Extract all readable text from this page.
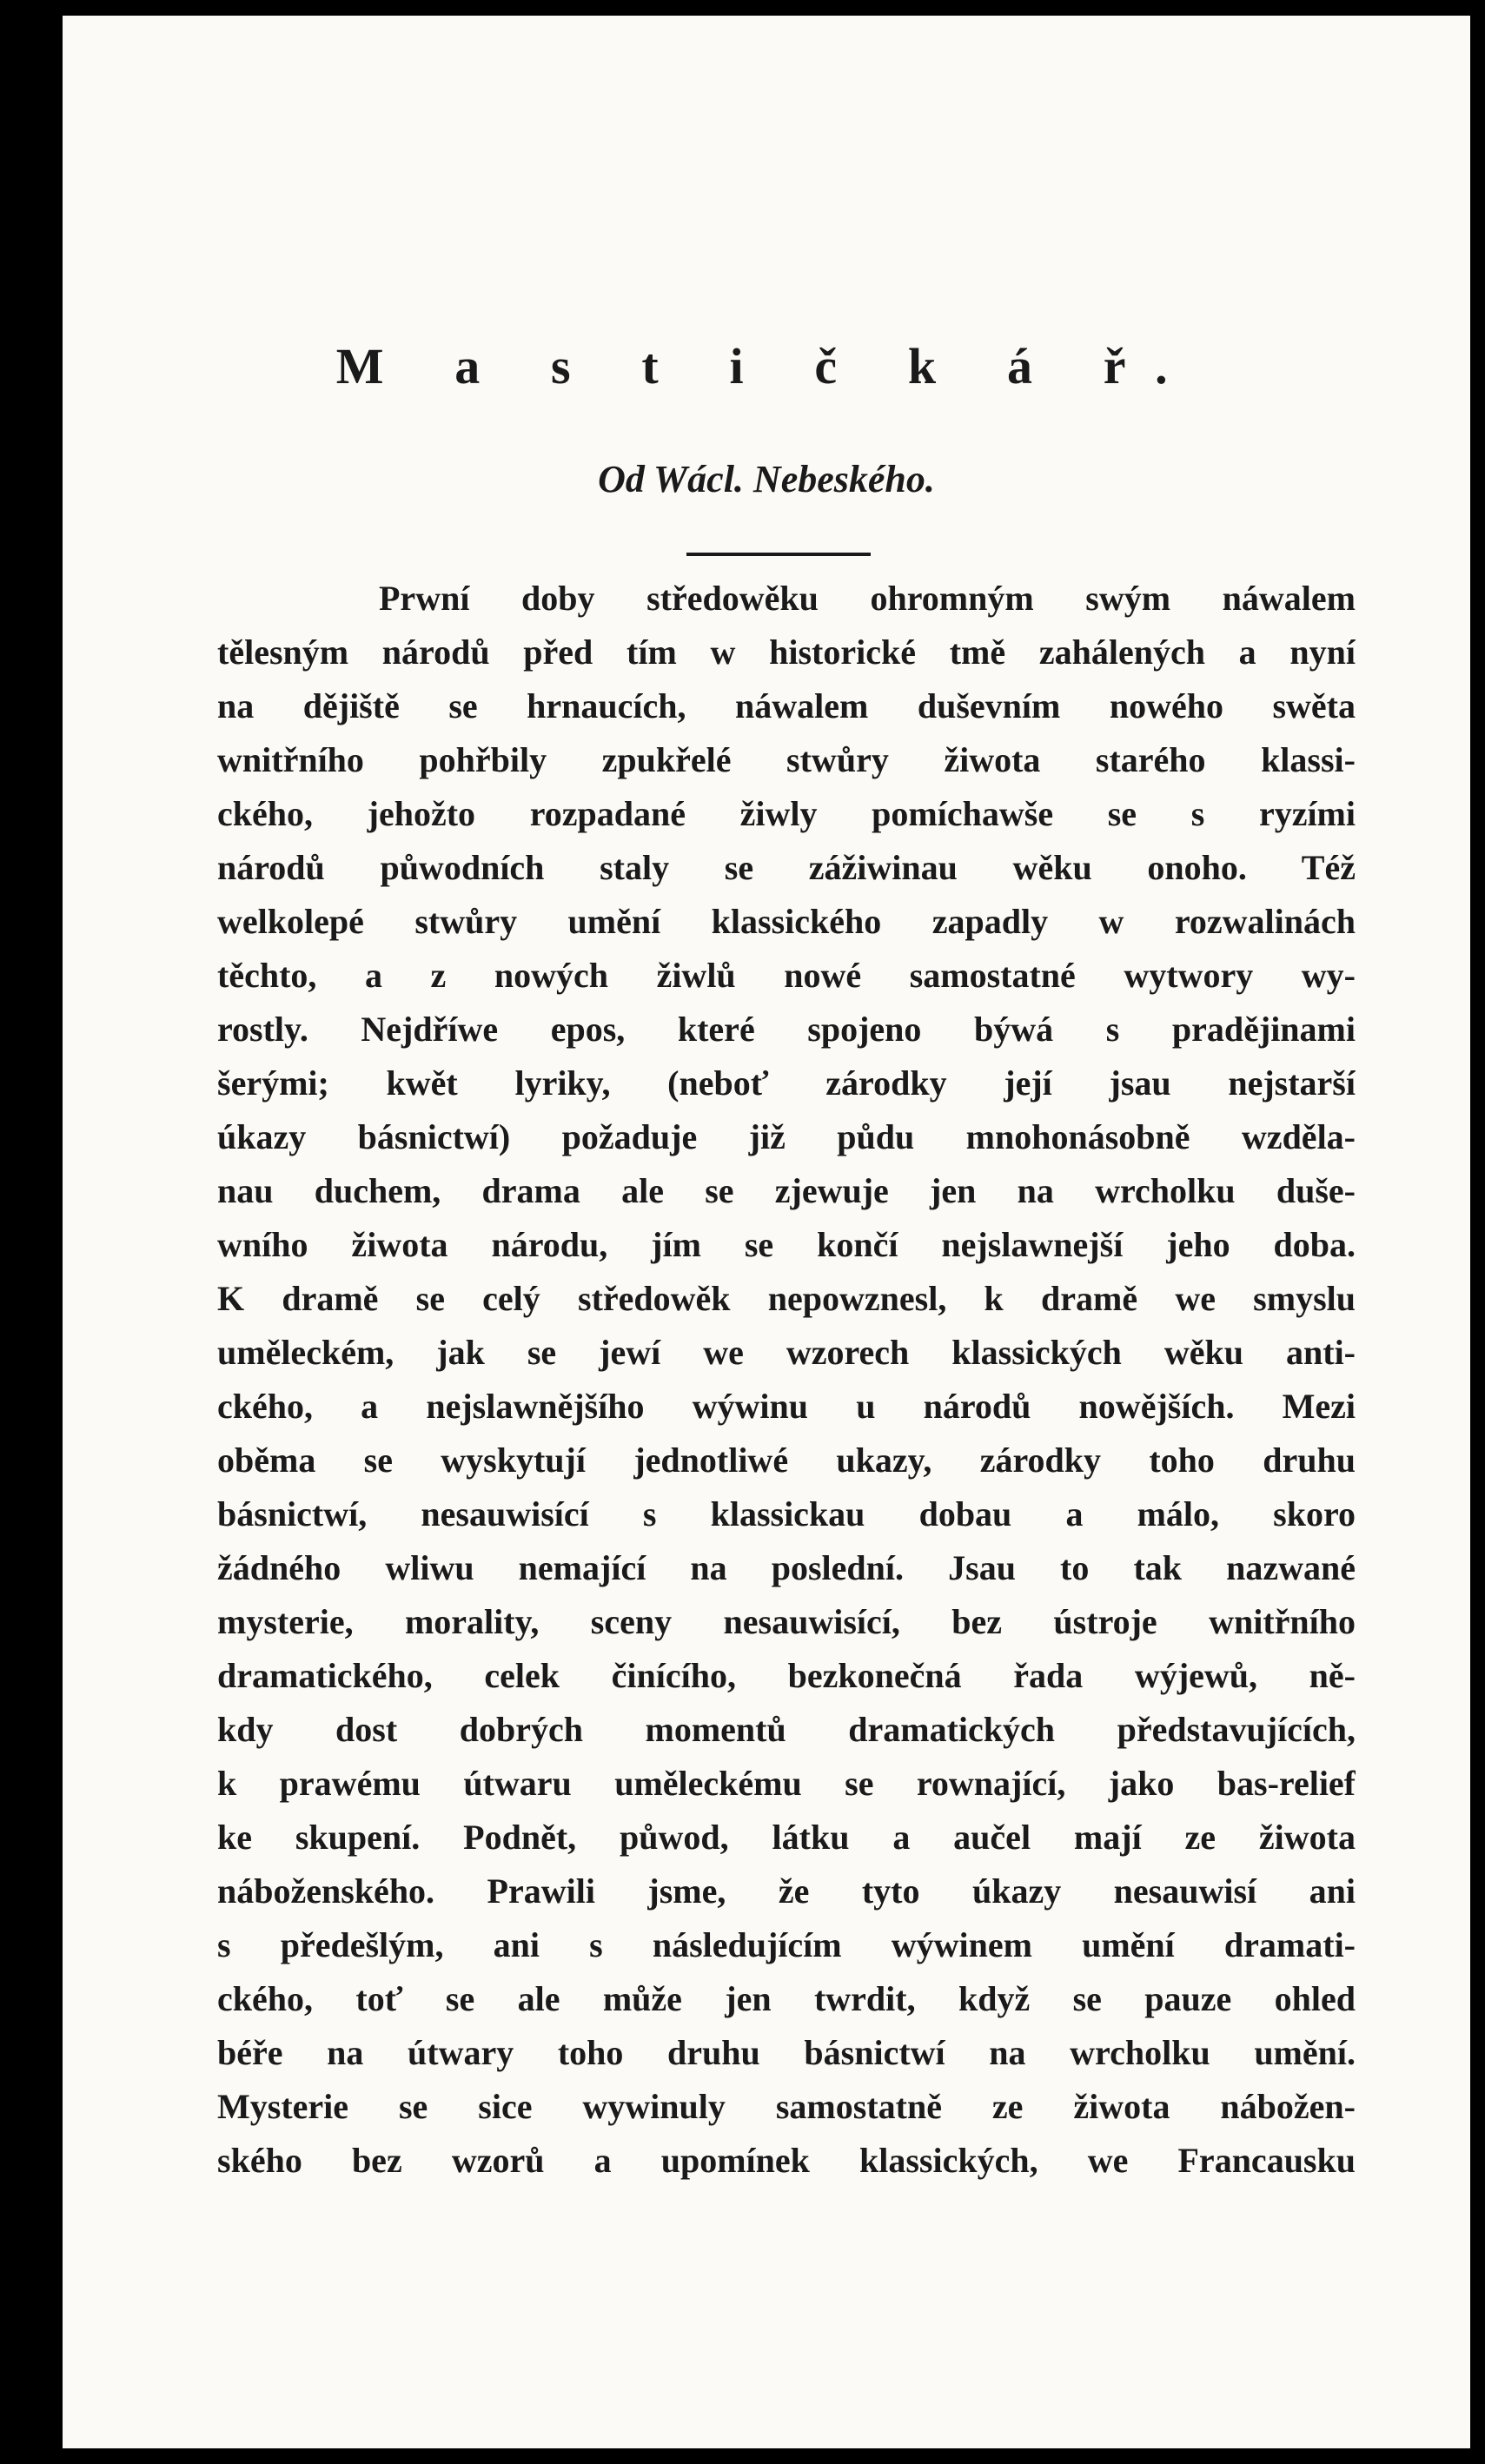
M a s t i č k á ř.
Od Wácl. Nebeského.
Prwní doby středowěku ohromným swým náwalem
tělesným národů před tím w historické tmě zahálených a nyní
na dějiště se hrnaucích, náwalem duševním nowého swěta
wnitřního pohřbily zpukřelé stwůry žiwota starého klassi-
ckého, jehožto rozpadané žiwly pomíchawše se s ryzími
národů půwodních staly se zážiwinau wěku onoho. Též
welkolepé stwůry umění klassického zapadly w rozwalinách
těchto, a z nowých žiwlů nowé samostatné wytwory wy-
rostly. Nejdříwe epos, které spojeno býwá s pradějinami
šerými; kwět lyriky, (neboť zárodky její jsau nejstarší
úkazy básnictwí) požaduje již půdu mnohonásobně wzděla-
nau duchem, drama ale se zjewuje jen na wrcholku duše-
wního žiwota národu, jím se končí nejslawnejší jeho doba.
K dramě se celý středowěk nepowznesl, k dramě we smyslu
uměleckém, jak se jewí we wzorech klassických wěku anti-
ckého, a nejslawnějšího wýwinu u národů nowějších. Mezi
oběma se wyskytují jednotliwé ukazy, zárodky toho druhu
básnictwí, nesauwisící s klassickau dobau a málo, skoro
žádného wliwu nemající na poslední. Jsau to tak nazwané
mysterie, morality, sceny nesauwisící, bez ústroje wnitřního
dramatického, celek činícího, bezkonečná řada wýjewů, ně-
kdy dost dobrých momentů dramatických představujících,
k prawému útwaru uměleckému se rownající, jako bas-relief
ke skupení. Podnět, půwod, látku a aučel mají ze žiwota
náboženského. Prawili jsme, že tyto úkazy nesauwisí ani
s předešlým, ani s následujícím wýwinem umění dramati-
ckého, toť se ale může jen twrdit, když se pauze ohled
béře na útwary toho druhu básnictwí na wrcholku umění.
Mysterie se sice wywinuly samostatně ze žiwota nábožen-
ského bez wzorů a upomínek klassických, we Francausku
